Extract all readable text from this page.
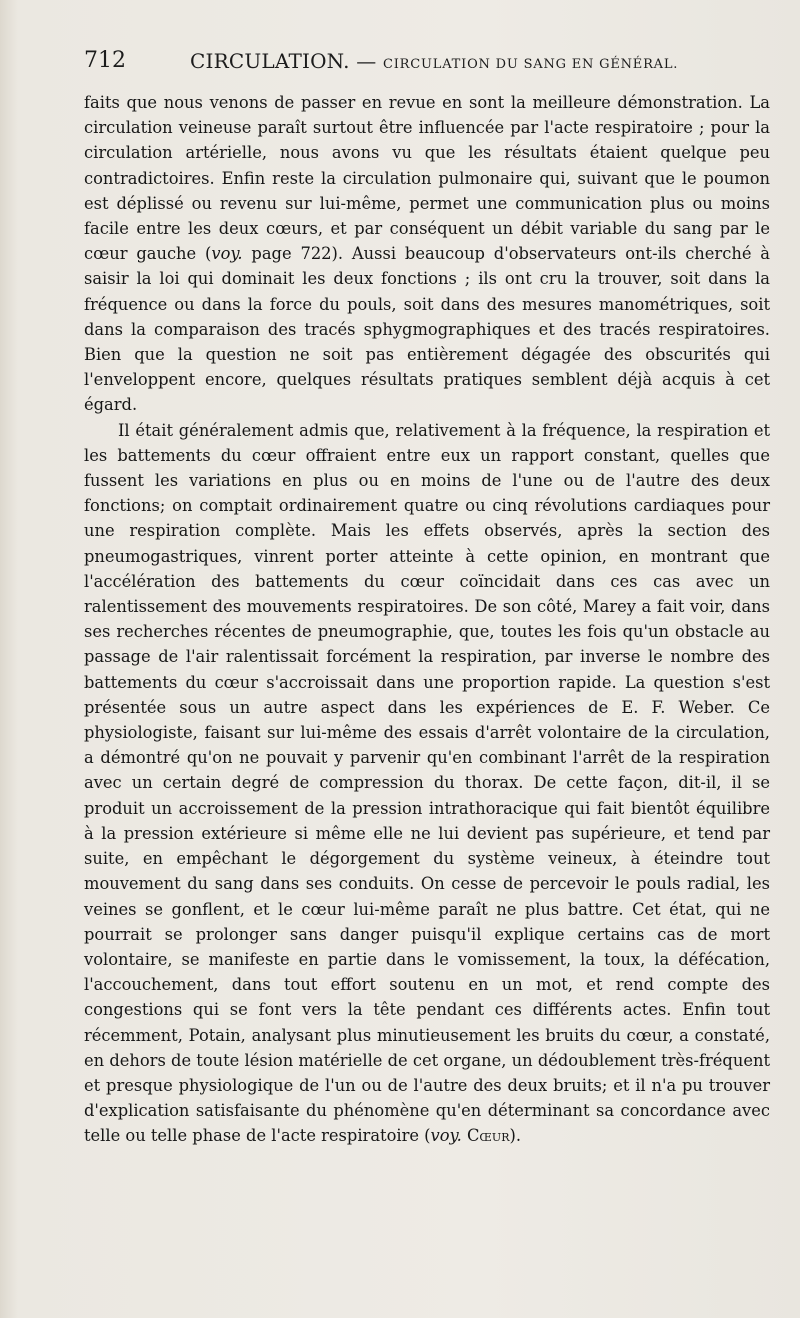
712	CIRCULATION. — CIRCULATION DU SANG EN GÉNÉRAL.

faits que nous venons de passer en revue en sont la meilleure démonstration. La circulation veineuse paraît surtout être influencée par l'acte respiratoire ; pour la circulation artérielle, nous avons vu que les résultats étaient quelque peu contradictoires. Enfin reste la circulation pulmonaire qui, suivant que le poumon est déplissé ou revenu sur lui-même, permet une communication plus ou moins facile entre les deux cœurs, et par conséquent un débit variable du sang par le cœur gauche (voy. page 722). Aussi beaucoup d'observateurs ont-ils cherché à saisir la loi qui dominait les deux fonctions ; ils ont cru la trouver, soit dans la fréquence ou dans la force du pouls, soit dans des mesures manométriques, soit dans la comparaison des tracés sphygmographiques et des tracés respiratoires. Bien que la question ne soit pas entièrement dégagée des obscurités qui l'enveloppent encore, quelques résultats pratiques semblent déjà acquis à cet égard.

Il était généralement admis que, relativement à la fréquence, la respiration et les battements du cœur offraient entre eux un rapport constant, quelles que fussent les variations en plus ou en moins de l'une ou de l'autre des deux fonctions; on comptait ordinairement quatre ou cinq révolutions cardiaques pour une respiration complète. Mais les effets observés, après la section des pneumogastriques, vinrent porter atteinte à cette opinion, en montrant que l'accélération des battements du cœur coïncidait dans ces cas avec un ralentissement des mouvements respiratoires. De son côté, Marey a fait voir, dans ses recherches récentes de pneumographie, que, toutes les fois qu'un obstacle au passage de l'air ralentissait forcément la respiration, par inverse le nombre des battements du cœur s'accroissait dans une proportion rapide. La question s'est présentée sous un autre aspect dans les expériences de E. F. Weber. Ce physiologiste, faisant sur lui-même des essais d'arrêt volontaire de la circulation, a démontré qu'on ne pouvait y parvenir qu'en combinant l'arrêt de la respiration avec un certain degré de compression du thorax. De cette façon, dit-il, il se produit un accroissement de la pression intrathoracique qui fait bientôt équilibre à la pression extérieure si même elle ne lui devient pas supérieure, et tend par suite, en empêchant le dégorgement du système veineux, à éteindre tout mouvement du sang dans ses conduits. On cesse de percevoir le pouls radial, les veines se gonflent, et le cœur lui-même paraît ne plus battre. Cet état, qui ne pourrait se prolonger sans danger puisqu'il explique certains cas de mort volontaire, se manifeste en partie dans le vomissement, la toux, la défécation, l'accouchement, dans tout effort soutenu en un mot, et rend compte des congestions qui se font vers la tête pendant ces différents actes. Enfin tout récemment, Potain, analysant plus minutieusement les bruits du cœur, a constaté, en dehors de toute lésion matérielle de cet organe, un dédoublement très-fréquent et presque physiologique de l'un ou de l'autre des deux bruits; et il n'a pu trouver d'explication satisfaisante du phénomène qu'en déterminant sa concordance avec telle ou telle phase de l'acte respiratoire (voy. Cœur).
